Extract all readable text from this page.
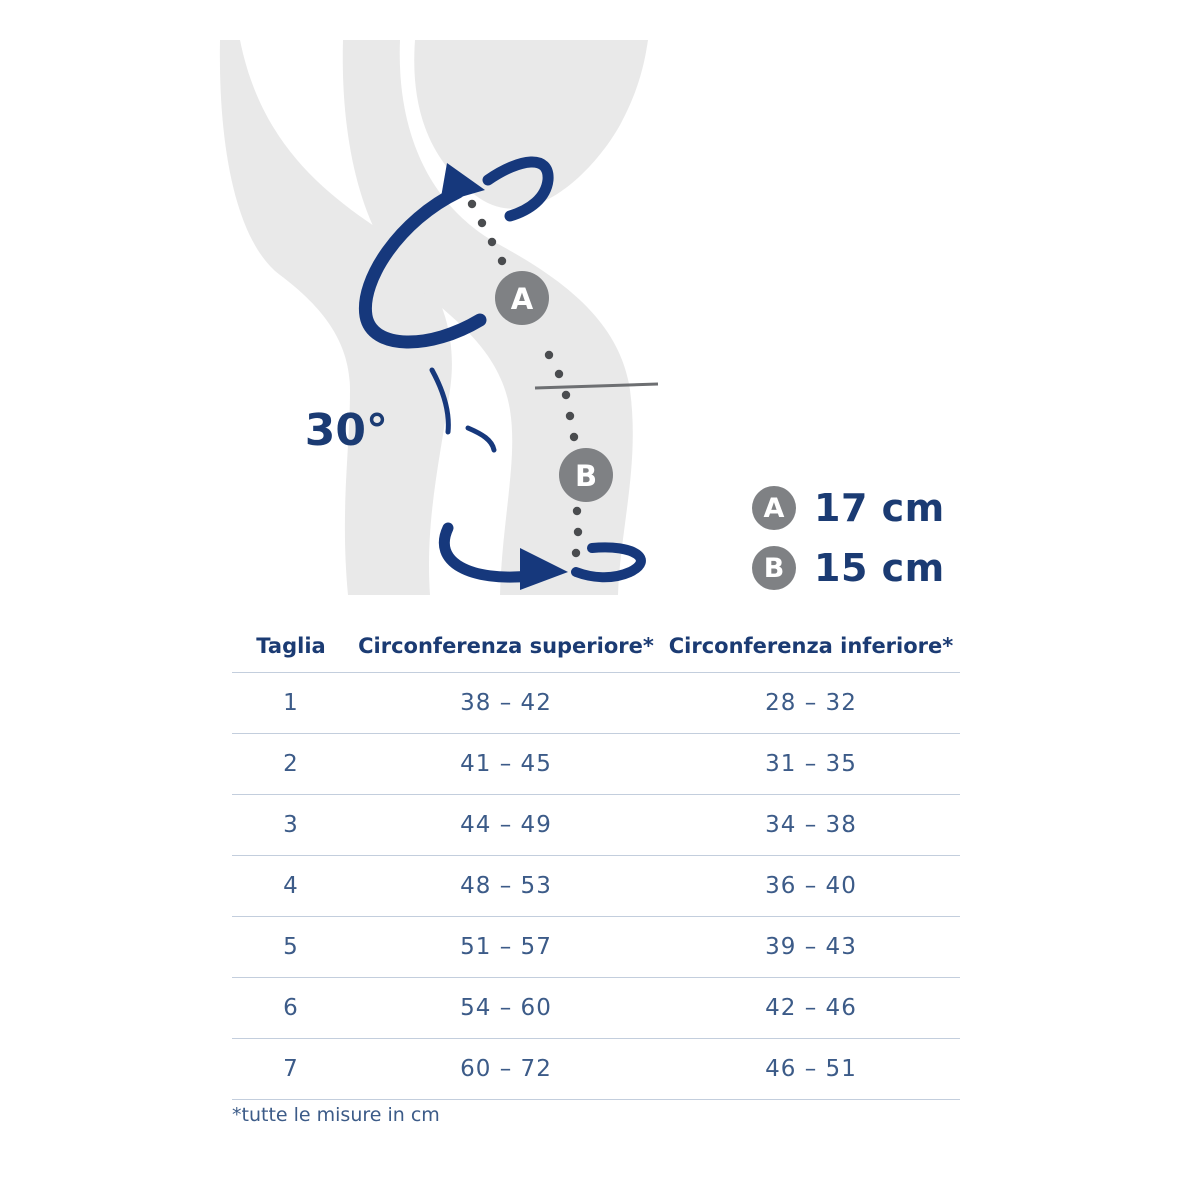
30°
A
B
A 17 cm
B 15 cm
Taglia	Circonferenza superiore*	Circonferenza inferiore*
1	38 – 42	28 – 32
2	41 – 45	31 – 35
3	44 – 49	34 – 38
4	48 – 53	36 – 40
5	51 – 57	39 – 43
6	54 – 60	42 – 46
7	60 – 72	46 – 51
*tutte le misure in cm
